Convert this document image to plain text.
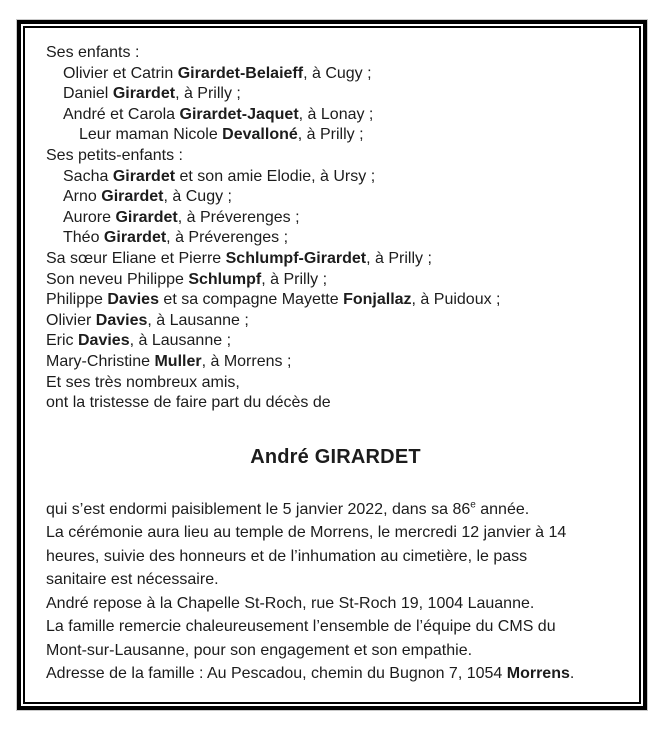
Ses enfants :
Olivier et Catrin Girardet-Belaieff, à Cugy ;
Daniel Girardet, à Prilly ;
André et Carola Girardet-Jaquet, à Lonay ;
Leur maman Nicole Devalloné, à Prilly ;
Ses petits-enfants :
Sacha Girardet et son amie Elodie, à Ursy ;
Arno Girardet, à Cugy ;
Aurore Girardet, à Préverenges ;
Théo Girardet, à Préverenges ;
Sa sœur Eliane et Pierre Schlumpf-Girardet, à Prilly ;
Son neveu Philippe Schlumpf, à Prilly ;
Philippe Davies et sa compagne Mayette Fonjallaz, à Puidoux ;
Olivier Davies, à Lausanne ;
Eric Davies, à Lausanne ;
Mary-Christine Muller, à Morrens ;
Et ses très nombreux amis,
ont la tristesse de faire part du décès de
André GIRARDET
qui s’est endormi paisiblement le 5 janvier 2022, dans sa 86e année.
La cérémonie aura lieu au temple de Morrens, le mercredi 12 janvier à 14
heures, suivie des honneurs et de l’inhumation au cimetière, le pass
sanitaire est nécessaire.
André repose à la Chapelle St-Roch, rue St-Roch 19, 1004 Lauanne.
La famille remercie chaleureusement l’ensemble de l’équipe du CMS du
Mont-sur-Lausanne, pour son engagement et son empathie.
Adresse de la famille : Au Pescadou, chemin du Bugnon 7, 1054 Morrens.
